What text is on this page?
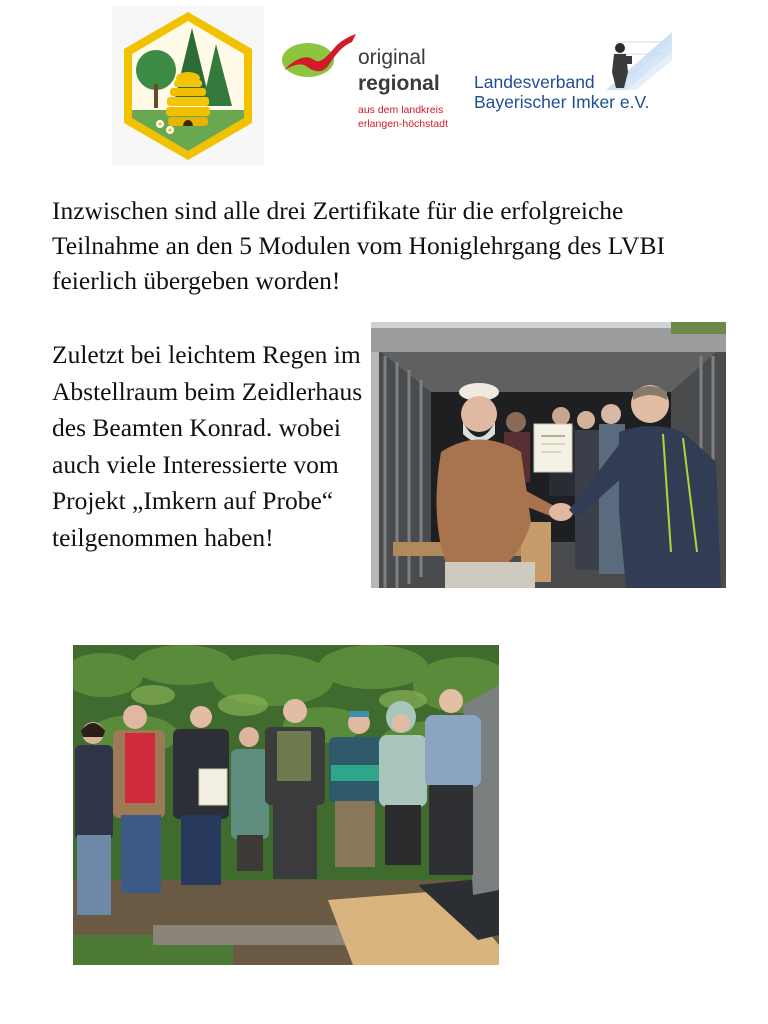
original
regional
aus dem landkreis
erlangen-höchstadt
Landesverband
Bayerischer Imker e.V.
Inzwischen sind alle drei Zertifikate für die erfolgreiche Teilnahme an den 5 Modulen vom Honiglehrgang des LVBI feierlich übergeben worden!
Zuletzt bei leichtem Regen im Abstellraum beim Zeidlerhaus des Beamten Konrad. wobei auch viele Interessierte vom Projekt „Imkern auf Probe“ teilgenommen haben!
